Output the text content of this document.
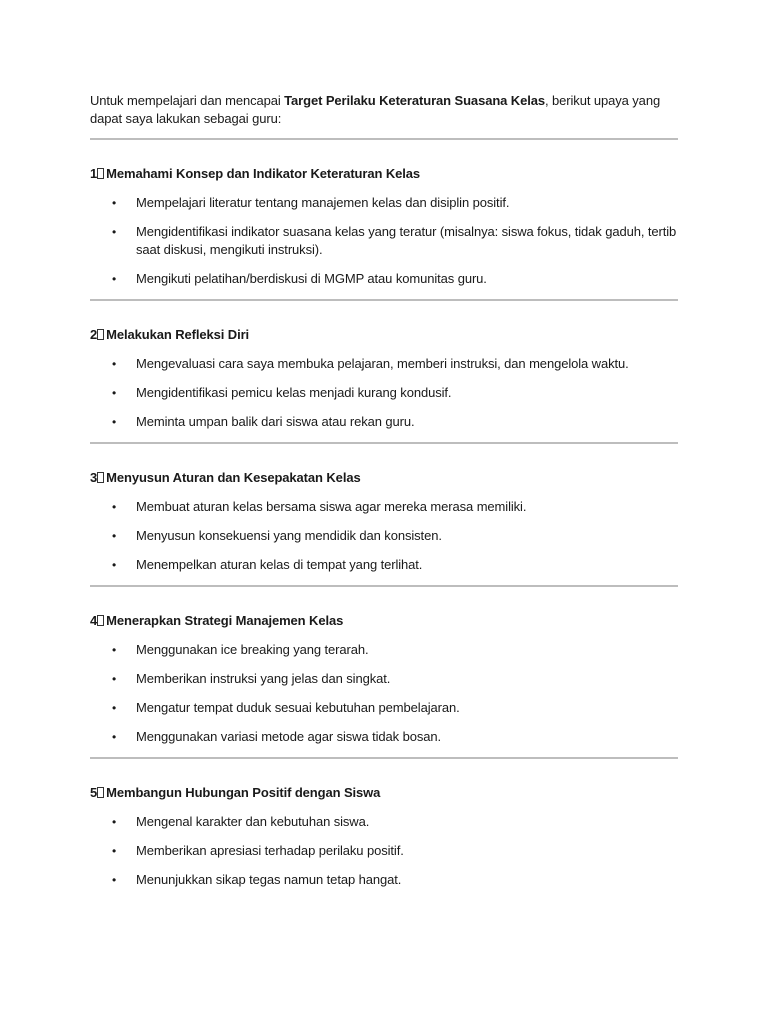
Untuk mempelajari dan mencapai Target Perilaku Keteraturan Suasana Kelas, berikut upaya yang dapat saya lakukan sebagai guru:

1 Memahami Konsep dan Indikator Keteraturan Kelas

• Mempelajari literatur tentang manajemen kelas dan disiplin positif.
• Mengidentifikasi indikator suasana kelas yang teratur (misalnya: siswa fokus, tidak gaduh, tertib saat diskusi, mengikuti instruksi).
• Mengikuti pelatihan/berdiskusi di MGMP atau komunitas guru.

2 Melakukan Refleksi Diri

• Mengevaluasi cara saya membuka pelajaran, memberi instruksi, dan mengelola waktu.
• Mengidentifikasi pemicu kelas menjadi kurang kondusif.
• Meminta umpan balik dari siswa atau rekan guru.

3 Menyusun Aturan dan Kesepakatan Kelas

• Membuat aturan kelas bersama siswa agar mereka merasa memiliki.
• Menyusun konsekuensi yang mendidik dan konsisten.
• Menempelkan aturan kelas di tempat yang terlihat.

4 Menerapkan Strategi Manajemen Kelas

• Menggunakan ice breaking yang terarah.
• Memberikan instruksi yang jelas dan singkat.
• Mengatur tempat duduk sesuai kebutuhan pembelajaran.
• Menggunakan variasi metode agar siswa tidak bosan.

5 Membangun Hubungan Positif dengan Siswa

• Mengenal karakter dan kebutuhan siswa.
• Memberikan apresiasi terhadap perilaku positif.
• Menunjukkan sikap tegas namun tetap hangat.
